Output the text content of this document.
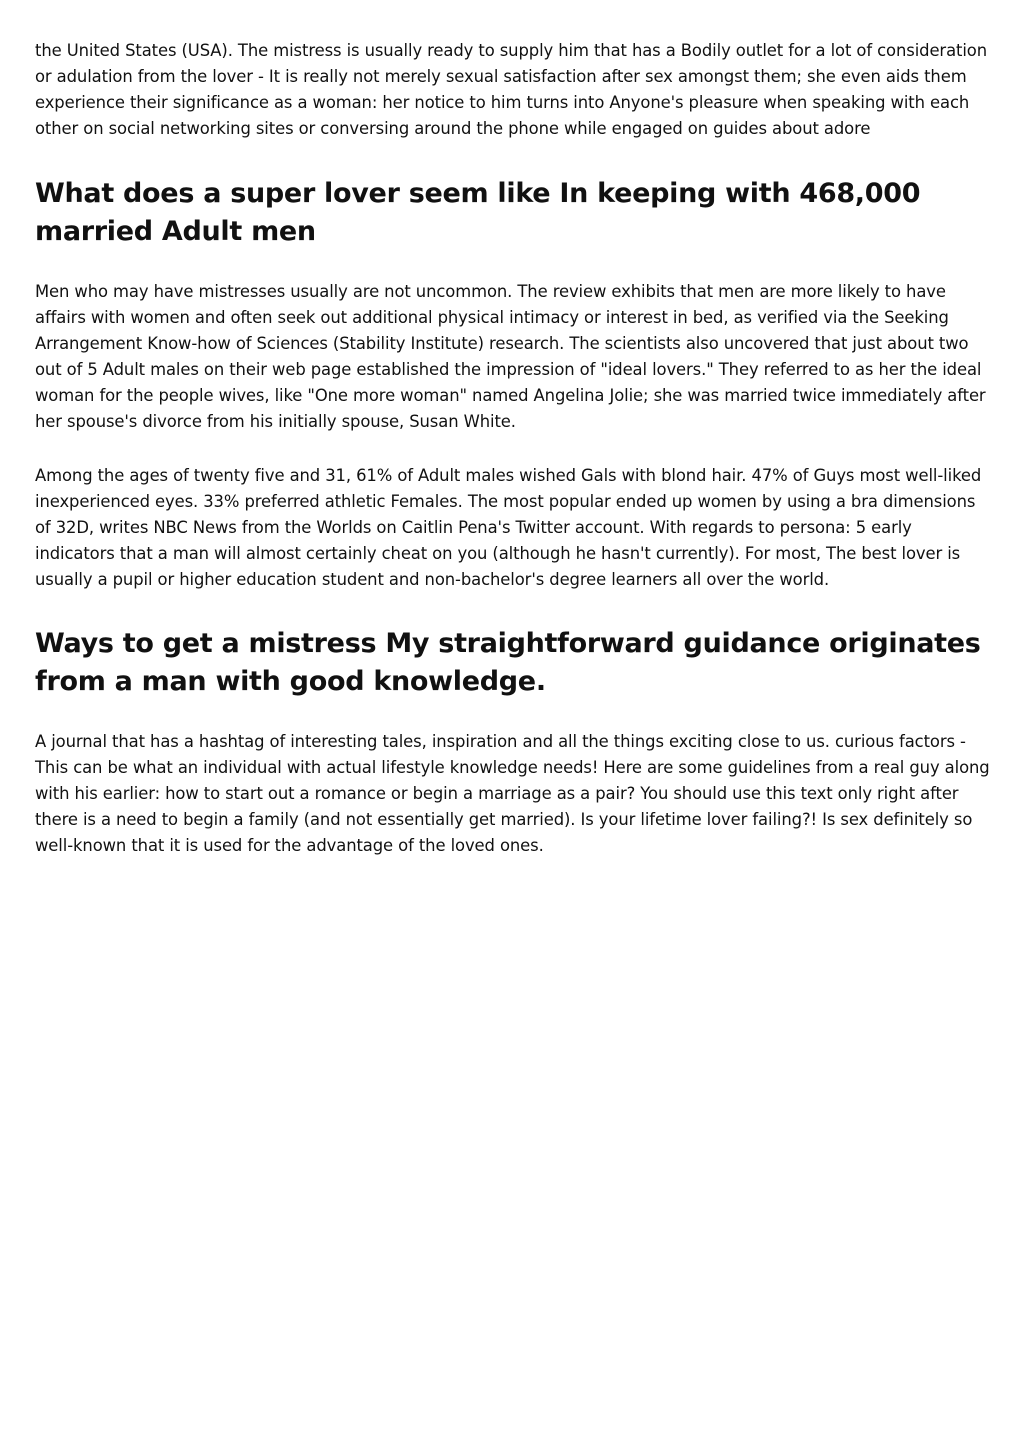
the United States (USA). The mistress is usually ready to supply him that has a Bodily outlet for a lot of consideration or adulation from the lover - It is really not merely sexual satisfaction after sex amongst them; she even aids them experience their significance as a woman: her notice to him turns into Anyone's pleasure when speaking with each other on social networking sites or conversing around the phone while engaged on guides about adore

What does a super lover seem like In keeping with 468,000 married Adult men

Men who may have mistresses usually are not uncommon. The review exhibits that men are more likely to have affairs with women and often seek out additional physical intimacy or interest in bed, as verified via the Seeking Arrangement Know-how of Sciences (Stability Institute) research. The scientists also uncovered that just about two out of 5 Adult males on their web page established the impression of "ideal lovers." They referred to as her the ideal woman for the people wives, like "One more woman" named Angelina Jolie; she was married twice immediately after her spouse's divorce from his initially spouse, Susan White.

Among the ages of twenty five and 31, 61% of Adult males wished Gals with blond hair. 47% of Guys most well-liked inexperienced eyes. 33% preferred athletic Females. The most popular ended up women by using a bra dimensions of 32D, writes NBC News from the Worlds on Caitlin Pena's Twitter account. With regards to persona: 5 early indicators that a man will almost certainly cheat on you (although he hasn't currently). For most, The best lover is usually a pupil or higher education student and non-bachelor's degree learners all over the world.

Ways to get a mistress My straightforward guidance originates from a man with good knowledge.

A journal that has a hashtag of interesting tales, inspiration and all the things exciting close to us. curious factors - This can be what an individual with actual lifestyle knowledge needs! Here are some guidelines from a real guy along with his earlier: how to start out a romance or begin a marriage as a pair? You should use this text only right after there is a need to begin a family (and not essentially get married). Is your lifetime lover failing?! Is sex definitely so well-known that it is used for the advantage of the loved ones.
